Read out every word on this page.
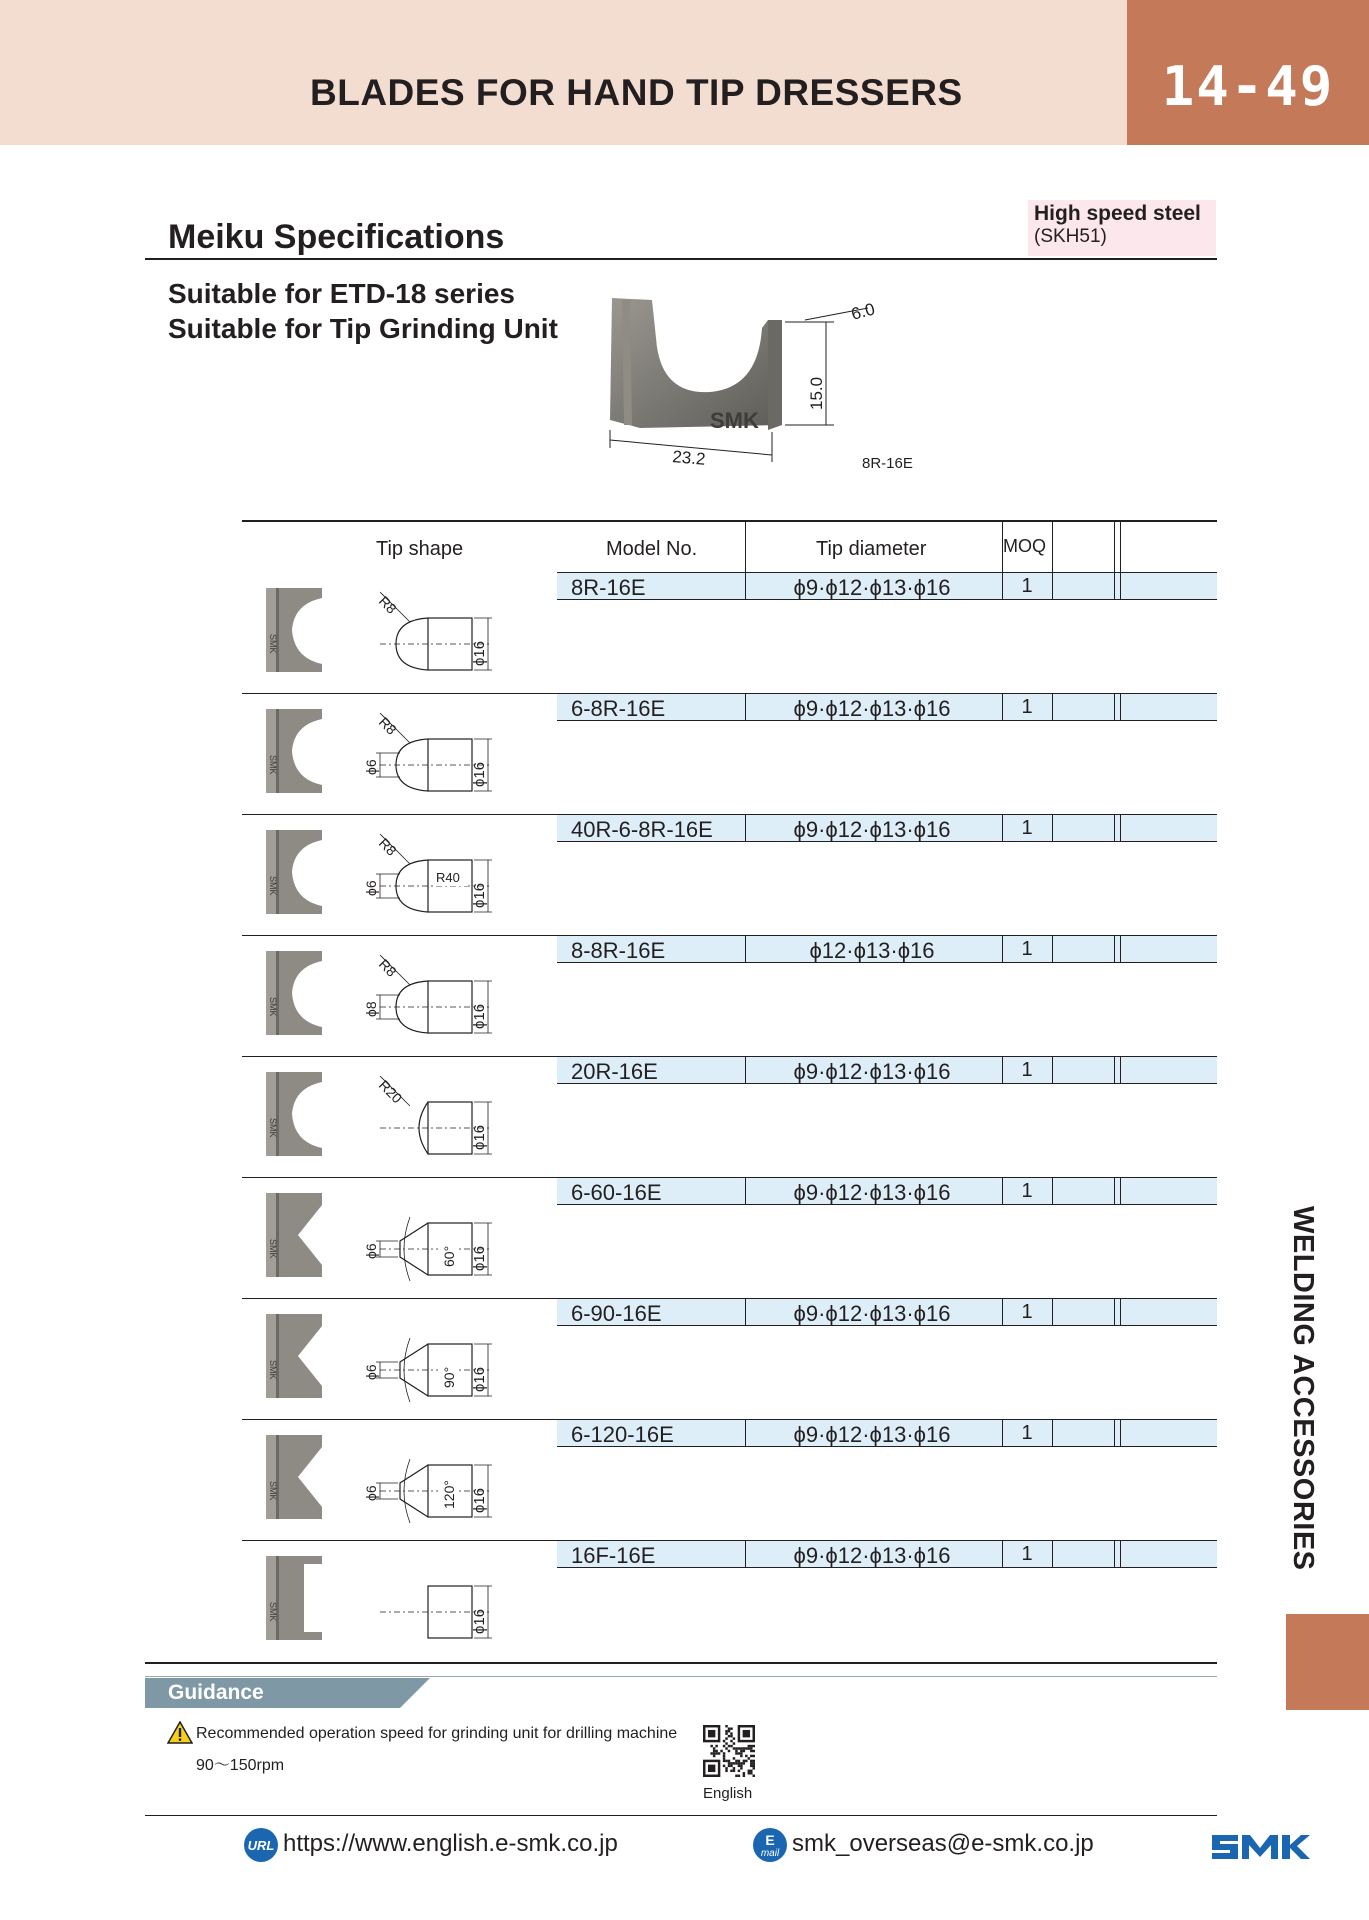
BLADES FOR HAND TIP DRESSERS	14-49
Meiku Specifications
High speed steel
(SKH51)
Suitable for ETD-18 series
Suitable for Tip Grinding Unit
SMK
23.2
15.0
6.0
8R-16E
Tip shape	Model No.	Tip diameter	MOQ
8R-16E	ϕ9·ϕ12·ϕ13·ϕ16	1
SMK	ϕ16
R8
6-8R-16E	ϕ9·ϕ12·ϕ13·ϕ16	1
SMK	ϕ16
R8
ϕ6
40R-6-8R-16E	ϕ9·ϕ12·ϕ13·ϕ16	1
SMK	ϕ16
R8
ϕ6
R40
8-8R-16E	ϕ12·ϕ13·ϕ16	1
SMK	ϕ16
R8
ϕ8
20R-16E	ϕ9·ϕ12·ϕ13·ϕ16	1
SMK	ϕ16
R20
6-60-16E	ϕ9·ϕ12·ϕ13·ϕ16	1
SMK	ϕ16
ϕ6	60°
6-90-16E	ϕ9·ϕ12·ϕ13·ϕ16	1
SMK	ϕ16
ϕ6	90°
6-120-16E	ϕ9·ϕ12·ϕ13·ϕ16	1
SMK	ϕ16
ϕ6	120°
16F-16E	ϕ9·ϕ12·ϕ13·ϕ16	1
SMK	ϕ16
Guidance
Recommended operation speed for grinding unit for drilling machine
90～150rpm
English
URL https://www.english.e-smk.co.jp	E
mail smk_overseas@e-smk.co.jp
WELDING ACCESSORIES
